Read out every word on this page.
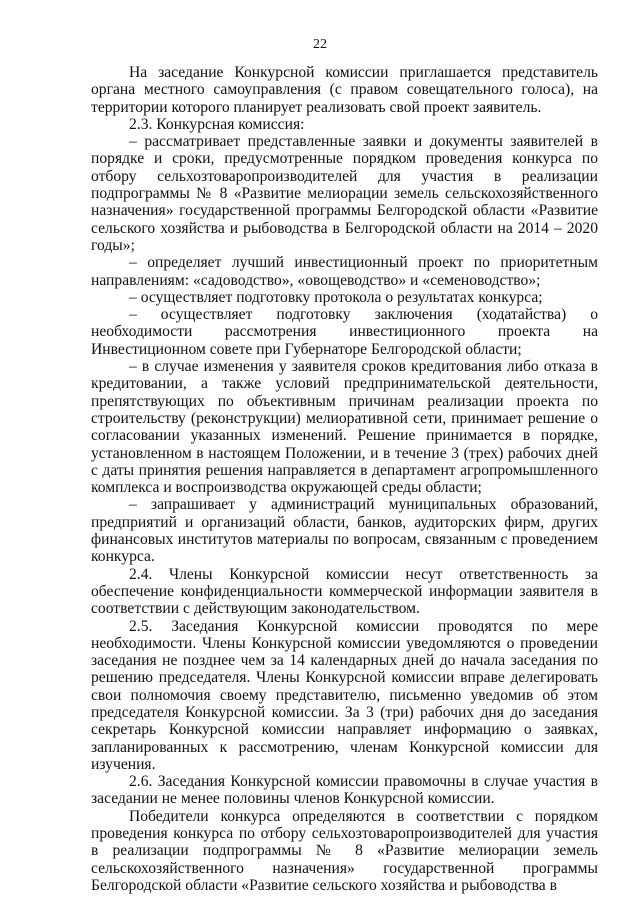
22

На заседание Конкурсной комиссии приглашается представитель органа местного самоуправления (с правом совещательного голоса), на территории которого планирует реализовать свой проект заявитель.

2.3. Конкурсная комиссия:

– рассматривает представленные заявки и документы заявителей в порядке и сроки, предусмотренные порядком проведения конкурса по отбору сельхозтоваропроизводителей для участия в реализации подпрограммы № 8 «Развитие мелиорации земель сельскохозяйственного назначения» государственной программы Белгородской области «Развитие сельского хозяйства и рыбоводства в Белгородской области на 2014 – 2020 годы»;

– определяет лучший инвестиционный проект по приоритетным направлениям: «садоводство», «овощеводство» и «семеноводство»;

– осуществляет подготовку протокола о результатах конкурса;

– осуществляет подготовку заключения (ходатайства) о необходимости рассмотрения инвестиционного проекта на Инвестиционном совете при Губернаторе Белгородской области;

– в случае изменения у заявителя сроков кредитования либо отказа в кредитовании, а также условий предпринимательской деятельности, препятствующих по объективным причинам реализации проекта по строительству (реконструкции) мелиоративной сети, принимает решение о согласовании указанных изменений. Решение принимается в порядке, установленном в настоящем Положении, и в течение 3 (трех) рабочих дней с даты принятия решения направляется в департамент агропромышленного комплекса и воспроизводства окружающей среды области;

– запрашивает у администраций муниципальных образований, предприятий и организаций области, банков, аудиторских фирм, других финансовых институтов материалы по вопросам, связанным с проведением конкурса.

2.4. Члены Конкурсной комиссии несут ответственность за обеспечение конфиденциальности коммерческой информации заявителя в соответствии с действующим законодательством.

2.5. Заседания Конкурсной комиссии проводятся по мере необходимости. Члены Конкурсной комиссии уведомляются о проведении заседания не позднее чем за 14 календарных дней до начала заседания по решению председателя. Члены Конкурсной комиссии вправе делегировать свои полномочия своему представителю, письменно уведомив об этом председателя Конкурсной комиссии. За 3 (три) рабочих дня до заседания секретарь Конкурсной комиссии направляет информацию о заявках, запланированных к рассмотрению, членам Конкурсной комиссии для изучения.

2.6. Заседания Конкурсной комиссии правомочны в случае участия в заседании не менее половины членов Конкурсной комиссии.

Победители конкурса определяются в соответствии с порядком проведения конкурса по отбору сельхозтоваропроизводителей для участия в реализации подпрограммы № 8 «Развитие мелиорации земель сельскохозяйственного назначения» государственной программы Белгородской области «Развитие сельского хозяйства и рыбоводства в
